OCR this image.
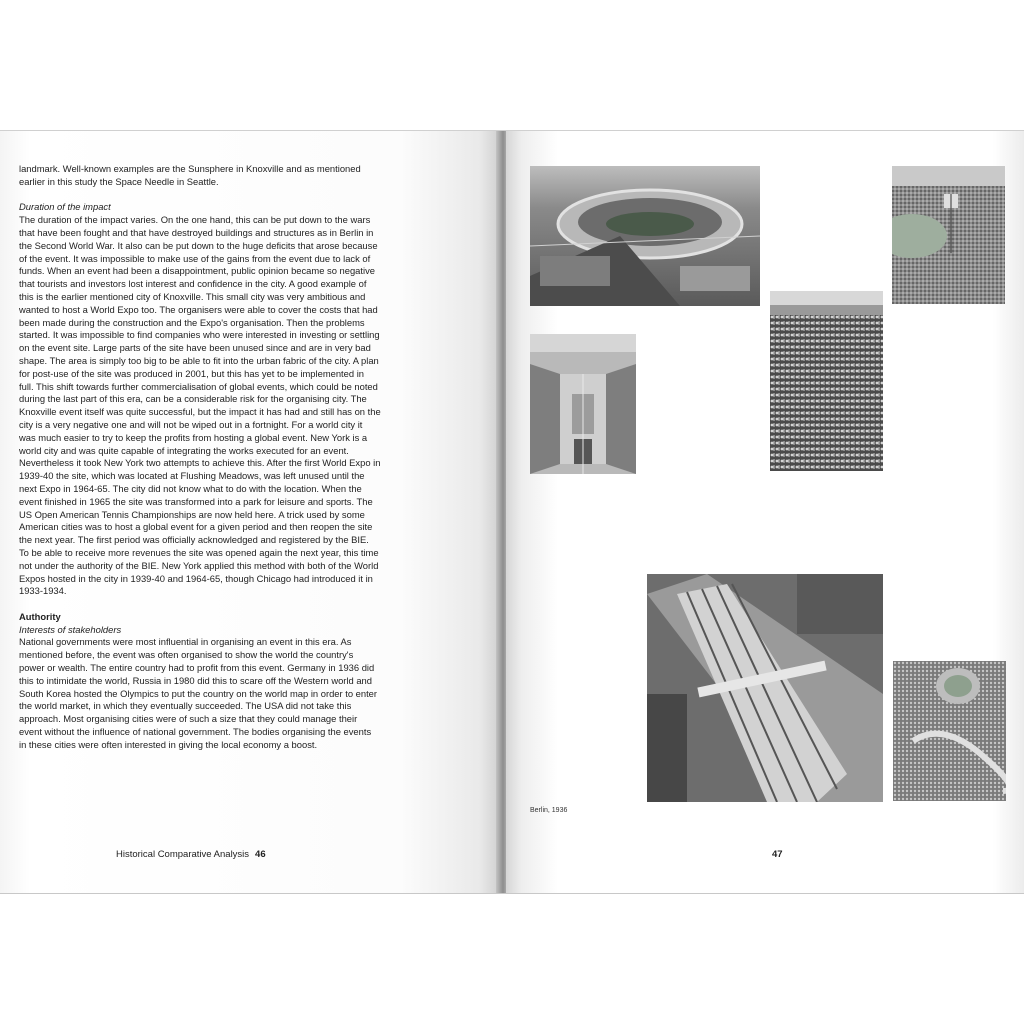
landmark. Well-known examples are the Sunsphere in Knoxville and as mentioned earlier in this study the Space Needle in Seattle.

Duration of the impact

The duration of the impact varies. On the one hand, this can be put down to the wars that have been fought and that have destroyed buildings and structures as in Berlin in the Second World War. It also can be put down to the huge deficits that arose because of the event. It was impossible to make use of the gains from the event due to lack of funds. When an event had been a disappointment, public opinion became so negative that tourists and investors lost interest and confidence in the city. A good example of this is the earlier mentioned city of Knoxville. This small city was very ambitious and wanted to host a World Expo too. The organisers were able to cover the costs that had been made during the construction and the Expo's organisation. Then the problems started. It was impossible to find companies who were interested in investing or settling on the event site. Large parts of the site have been unused since and are in very bad shape. The area is simply too big to be able to fit into the urban fabric of the city. A plan for post-use of the site was produced in 2001, but this has yet to be implemented in full. This shift towards further commercialisation of global events, which could be noted during the last part of this era, can be a considerable risk for the organising city. The Knoxville event itself was quite successful, but the impact it has had and still has on the city is a very negative one and will not be wiped out in a fortnight. For a world city it was much easier to try to keep the profits from hosting a global event. New York is a world city and was quite capable of integrating the works executed for an event. Nevertheless it took New York two attempts to achieve this. After the first World Expo in 1939-40 the site, which was located at Flushing Meadows, was left unused until the next Expo in 1964-65. The city did not know what to do with the location. When the event finished in 1965 the site was transformed into a park for leisure and sports. The US Open American Tennis Championships are now held here. A trick used by some American cities was to host a global event for a given period and then reopen the site the next year. The first period was officially acknowledged and registered by the BIE. To be able to receive more revenues the site was opened again the next year, this time not under the authority of the BIE. New York applied this method with both of the World Expos hosted in the city in 1939-40 and 1964-65, though Chicago had introduced it in 1933-1934.

Authority

Interests of stakeholders

National governments were most influential in organising an event in this era. As mentioned before, the event was often organised to show the world the country's power or wealth. The entire country had to profit from this event. Germany in 1936 did this to intimidate the world, Russia in 1980 did this to scare off the Western world and South Korea hosted the Olympics to put the country on the world map in order to enter the world market, in which they eventually succeeded. The USA did not take this approach. Most organising cities were of such a size that they could manage their event without the influence of national government. The bodies organising the events in these cities were often interested in giving the local economy a boost.

Historical Comparative Analysis 46
Berlin, 1936
47
